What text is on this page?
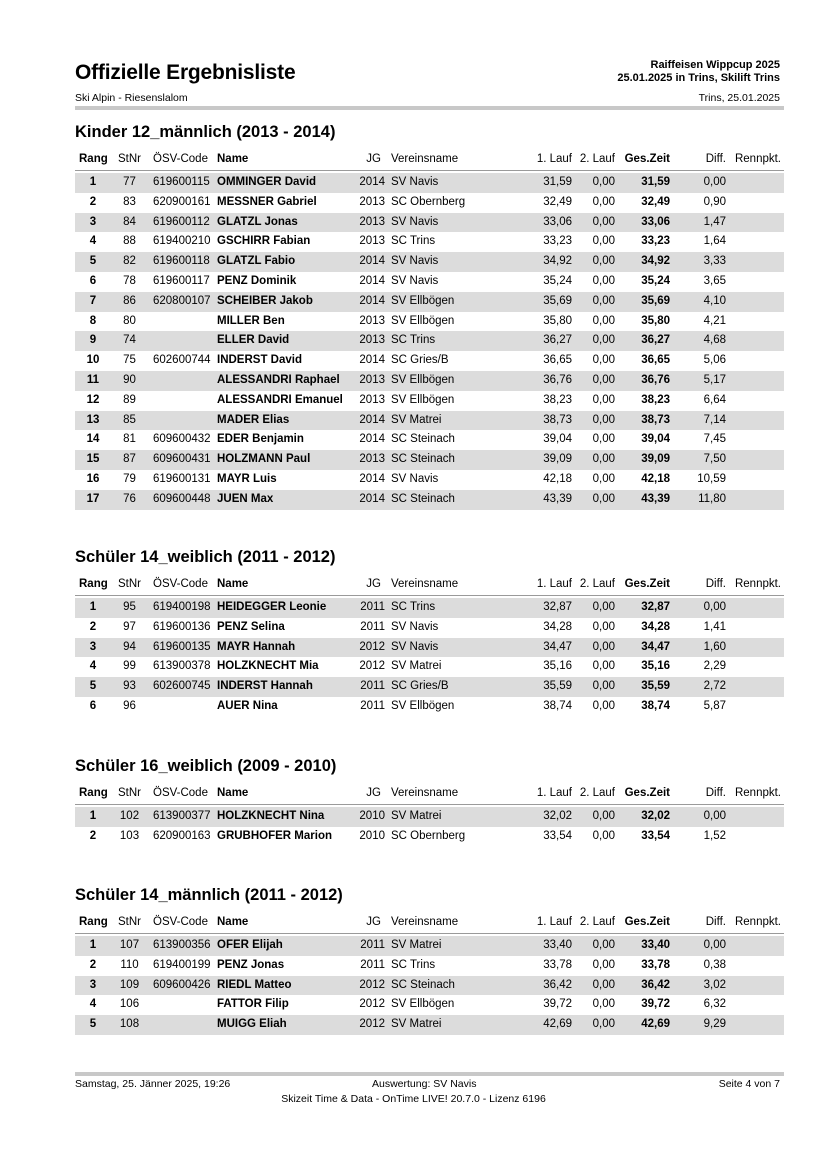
Offizielle Ergebnisliste
Ski Alpin - Riesenslalom
Raiffeisen Wippcup 2025
25.01.2025 in Trins, Skilift Trins
Trins, 25.01.2025
Kinder 12_männlich (2013 - 2014)
Rang StNr	ÖSV-Code Name	JG Vereinsname	1. Lauf 2. Lauf Ges.Zeit	Diff. Rennpkt.
1	77	619600115 OMMINGER David	2014 SV Navis	31,59	0,00	31,59	0,00
2	83	620900161 MESSNER Gabriel	2013 SC Obernberg	32,49	0,00	32,49	0,90
3	84	619600112 GLATZL Jonas	2013 SV Navis	33,06	0,00	33,06	1,47
4	88	619400210 GSCHIRR Fabian	2013 SC Trins	33,23	0,00	33,23	1,64
5	82	619600118 GLATZL Fabio	2014 SV Navis	34,92	0,00	34,92	3,33
6	78	619600117 PENZ Dominik	2014 SV Navis	35,24	0,00	35,24	3,65
7	86	620800107 SCHEIBER Jakob	2014 SV Ellbögen	35,69	0,00	35,69	4,10
8	80	MILLER Ben	2013 SV Ellbögen	35,80	0,00	35,80	4,21
9	74	ELLER David	2013 SC Trins	36,27	0,00	36,27	4,68
10	75	602600744 INDERST David	2014 SC Gries/B	36,65	0,00	36,65	5,06
11	90	ALESSANDRI Raphael	2013 SV Ellbögen	36,76	0,00	36,76	5,17
12	89	ALESSANDRI Emanuel	2013 SV Ellbögen	38,23	0,00	38,23	6,64
13	85	MADER Elias	2014 SV Matrei	38,73	0,00	38,73	7,14
14	81	609600432 EDER Benjamin	2014 SC Steinach	39,04	0,00	39,04	7,45
15	87	609600431 HOLZMANN Paul	2013 SC Steinach	39,09	0,00	39,09	7,50
16	79	619600131 MAYR Luis	2014 SV Navis	42,18	0,00	42,18	10,59
17	76	609600448 JUEN Max	2014 SC Steinach	43,39	0,00	43,39	11,80
Schüler 14_weiblich (2011 - 2012)
Rang StNr	ÖSV-Code Name	JG Vereinsname	1. Lauf 2. Lauf Ges.Zeit	Diff. Rennpkt.
1	95	619400198 HEIDEGGER Leonie	2011 SC Trins	32,87	0,00	32,87	0,00
2	97	619600136 PENZ Selina	2011 SV Navis	34,28	0,00	34,28	1,41
3	94	619600135 MAYR Hannah	2012 SV Navis	34,47	0,00	34,47	1,60
4	99	613900378 HOLZKNECHT Mia	2012 SV Matrei	35,16	0,00	35,16	2,29
5	93	602600745 INDERST Hannah	2011 SC Gries/B	35,59	0,00	35,59	2,72
6	96	AUER Nina	2011 SV Ellbögen	38,74	0,00	38,74	5,87
Schüler 16_weiblich (2009 - 2010)
Rang StNr	ÖSV-Code Name	JG Vereinsname	1. Lauf 2. Lauf Ges.Zeit	Diff. Rennpkt.
1	102	613900377 HOLZKNECHT Nina	2010 SV Matrei	32,02	0,00	32,02	0,00
2	103	620900163 GRUBHOFER Marion	2010 SC Obernberg	33,54	0,00	33,54	1,52
Schüler 14_männlich (2011 - 2012)
Rang StNr	ÖSV-Code Name	JG Vereinsname	1. Lauf 2. Lauf Ges.Zeit	Diff. Rennpkt.
1	107	613900356 OFER Elijah	2011 SV Matrei	33,40	0,00	33,40	0,00
2	110	619400199 PENZ Jonas	2011 SC Trins	33,78	0,00	33,78	0,38
3	109	609600426 RIEDL Matteo	2012 SC Steinach	36,42	0,00	36,42	3,02
4	106	FATTOR Filip	2012 SV Ellbögen	39,72	0,00	39,72	6,32
5	108	MUIGG Eliah	2012 SV Matrei	42,69	0,00	42,69	9,29
Samstag, 25. Jänner 2025, 19:26	Auswertung: SV Navis	Seite 4 von 7
Skizeit Time & Data - OnTime LIVE! 20.7.0 - Lizenz 6196
